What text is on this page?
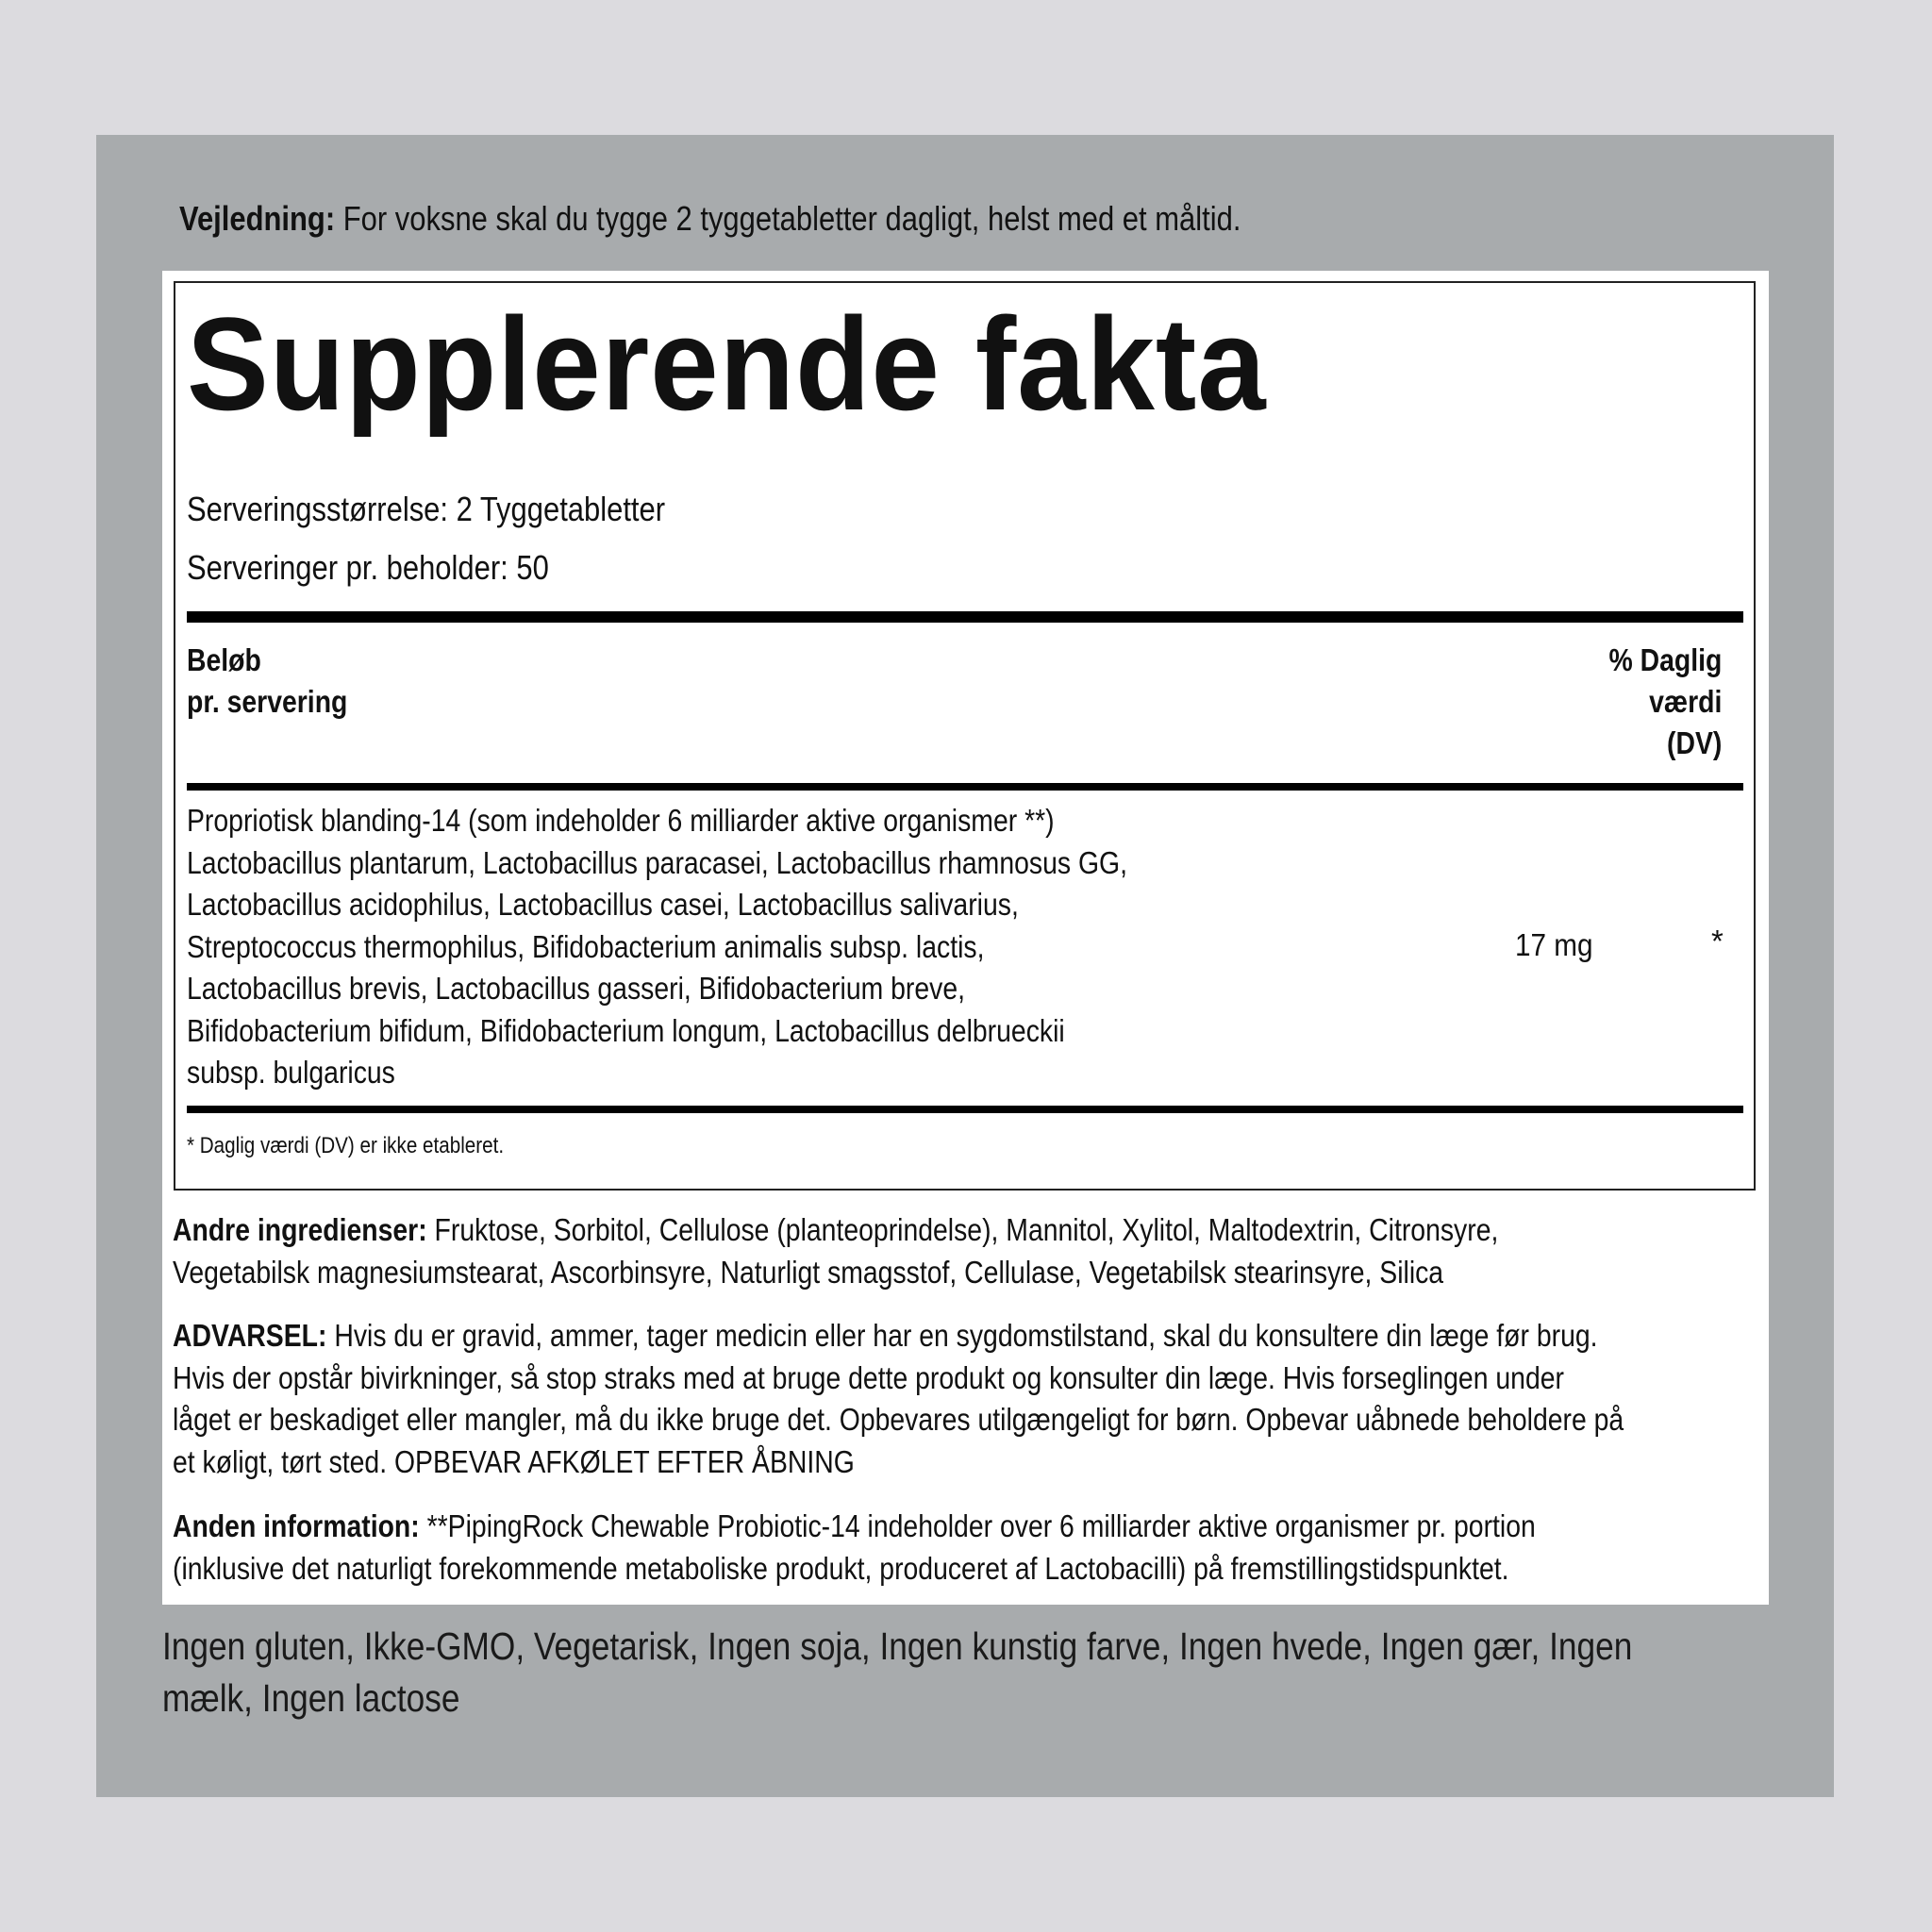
Vejledning: For voksne skal du tygge 2 tyggetabletter dagligt, helst med et måltid.
Supplerende fakta
Serveringsstørrelse: 2 Tyggetabletter
Serveringer pr. beholder: 50
Beløb
pr. servering
% Daglig
værdi
(DV)
Propriotisk blanding-14 (som indeholder 6 milliarder aktive organismer **)
Lactobacillus plantarum, Lactobacillus paracasei, Lactobacillus rhamnosus GG,
Lactobacillus acidophilus, Lactobacillus casei, Lactobacillus salivarius,
Streptococcus thermophilus, Bifidobacterium animalis subsp. lactis,
Lactobacillus brevis, Lactobacillus gasseri, Bifidobacterium breve,
Bifidobacterium bifidum, Bifidobacterium longum, Lactobacillus delbrueckii
subsp. bulgaricus
17 mg	*
* Daglig værdi (DV) er ikke etableret.
Andre ingredienser: Fruktose, Sorbitol, Cellulose (planteoprindelse), Mannitol, Xylitol, Maltodextrin, Citronsyre,
Vegetabilsk magnesiumstearat, Ascorbinsyre, Naturligt smagsstof, Cellulase, Vegetabilsk stearinsyre, Silica
ADVARSEL: Hvis du er gravid, ammer, tager medicin eller har en sygdomstilstand, skal du konsultere din læge før brug.
Hvis der opstår bivirkninger, så stop straks med at bruge dette produkt og konsulter din læge. Hvis forseglingen under
låget er beskadiget eller mangler, må du ikke bruge det. Opbevares utilgængeligt for børn. Opbevar uåbnede beholdere på
et køligt, tørt sted. OPBEVAR AFKØLET EFTER ÅBNING
Anden information: **PipingRock Chewable Probiotic-14 indeholder over 6 milliarder aktive organismer pr. portion
(inklusive det naturligt forekommende metaboliske produkt, produceret af Lactobacilli) på fremstillingstidspunktet.
Ingen gluten, Ikke-GMO, Vegetarisk, Ingen soja, Ingen kunstig farve, Ingen hvede, Ingen gær, Ingen
mælk, Ingen lactose
